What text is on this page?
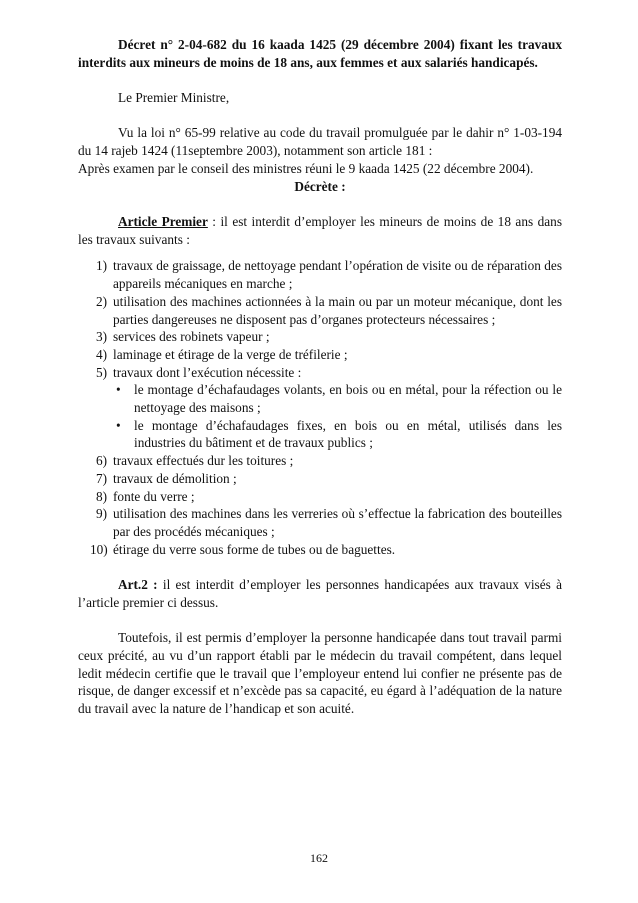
Décret n° 2-04-682 du 16 kaada 1425 (29 décembre 2004) fixant les travaux interdits aux mineurs de moins de 18 ans, aux femmes et aux salariés handicapés.

Le Premier Ministre,

Vu la loi n° 65-99 relative au code du travail promulguée par le dahir n° 1-03-194 du 14 rajeb 1424 (11septembre 2003), notamment son article 181 :

Après examen par le conseil des ministres réuni le 9 kaada 1425 (22 décembre 2004).

Décrète :

Article Premier : il est interdit d’employer les mineurs de moins de 18 ans dans les travaux suivants :

1) travaux de graissage, de nettoyage pendant l’opération de visite ou de réparation des appareils mécaniques en marche ;
2) utilisation des machines actionnées à la main ou par un moteur mécanique, dont les parties dangereuses ne disposent pas d’organes protecteurs nécessaires ;
3) services des robinets vapeur ;
4) laminage et étirage de la verge de tréfilerie ;
5) travaux dont l’exécution nécessite :
• le montage d’échafaudages volants, en bois ou en métal, pour la réfection ou le nettoyage des maisons ;
• le montage d’échafaudages fixes, en bois ou en métal, utilisés dans les industries du bâtiment et de travaux publics ;
6) travaux effectués dur les toitures ;
7) travaux de démolition ;
8) fonte du verre ;
9) utilisation des machines dans les verreries où s’effectue la fabrication des bouteilles par des procédés mécaniques ;
10) étirage du verre sous forme de tubes ou de baguettes.

Art.2 : il est interdit d’employer les personnes handicapées aux travaux visés à l’article premier ci dessus.

Toutefois, il est permis d’employer la personne handicapée dans tout travail parmi ceux précité, au vu d’un rapport établi par le médecin du travail compétent, dans lequel ledit médecin certifie que le travail que l’employeur entend lui confier ne présente pas de risque, de danger excessif et n’excède pas sa capacité, eu égard à l’adéquation de la nature du travail avec la nature de l’handicap et son acuité.

162
